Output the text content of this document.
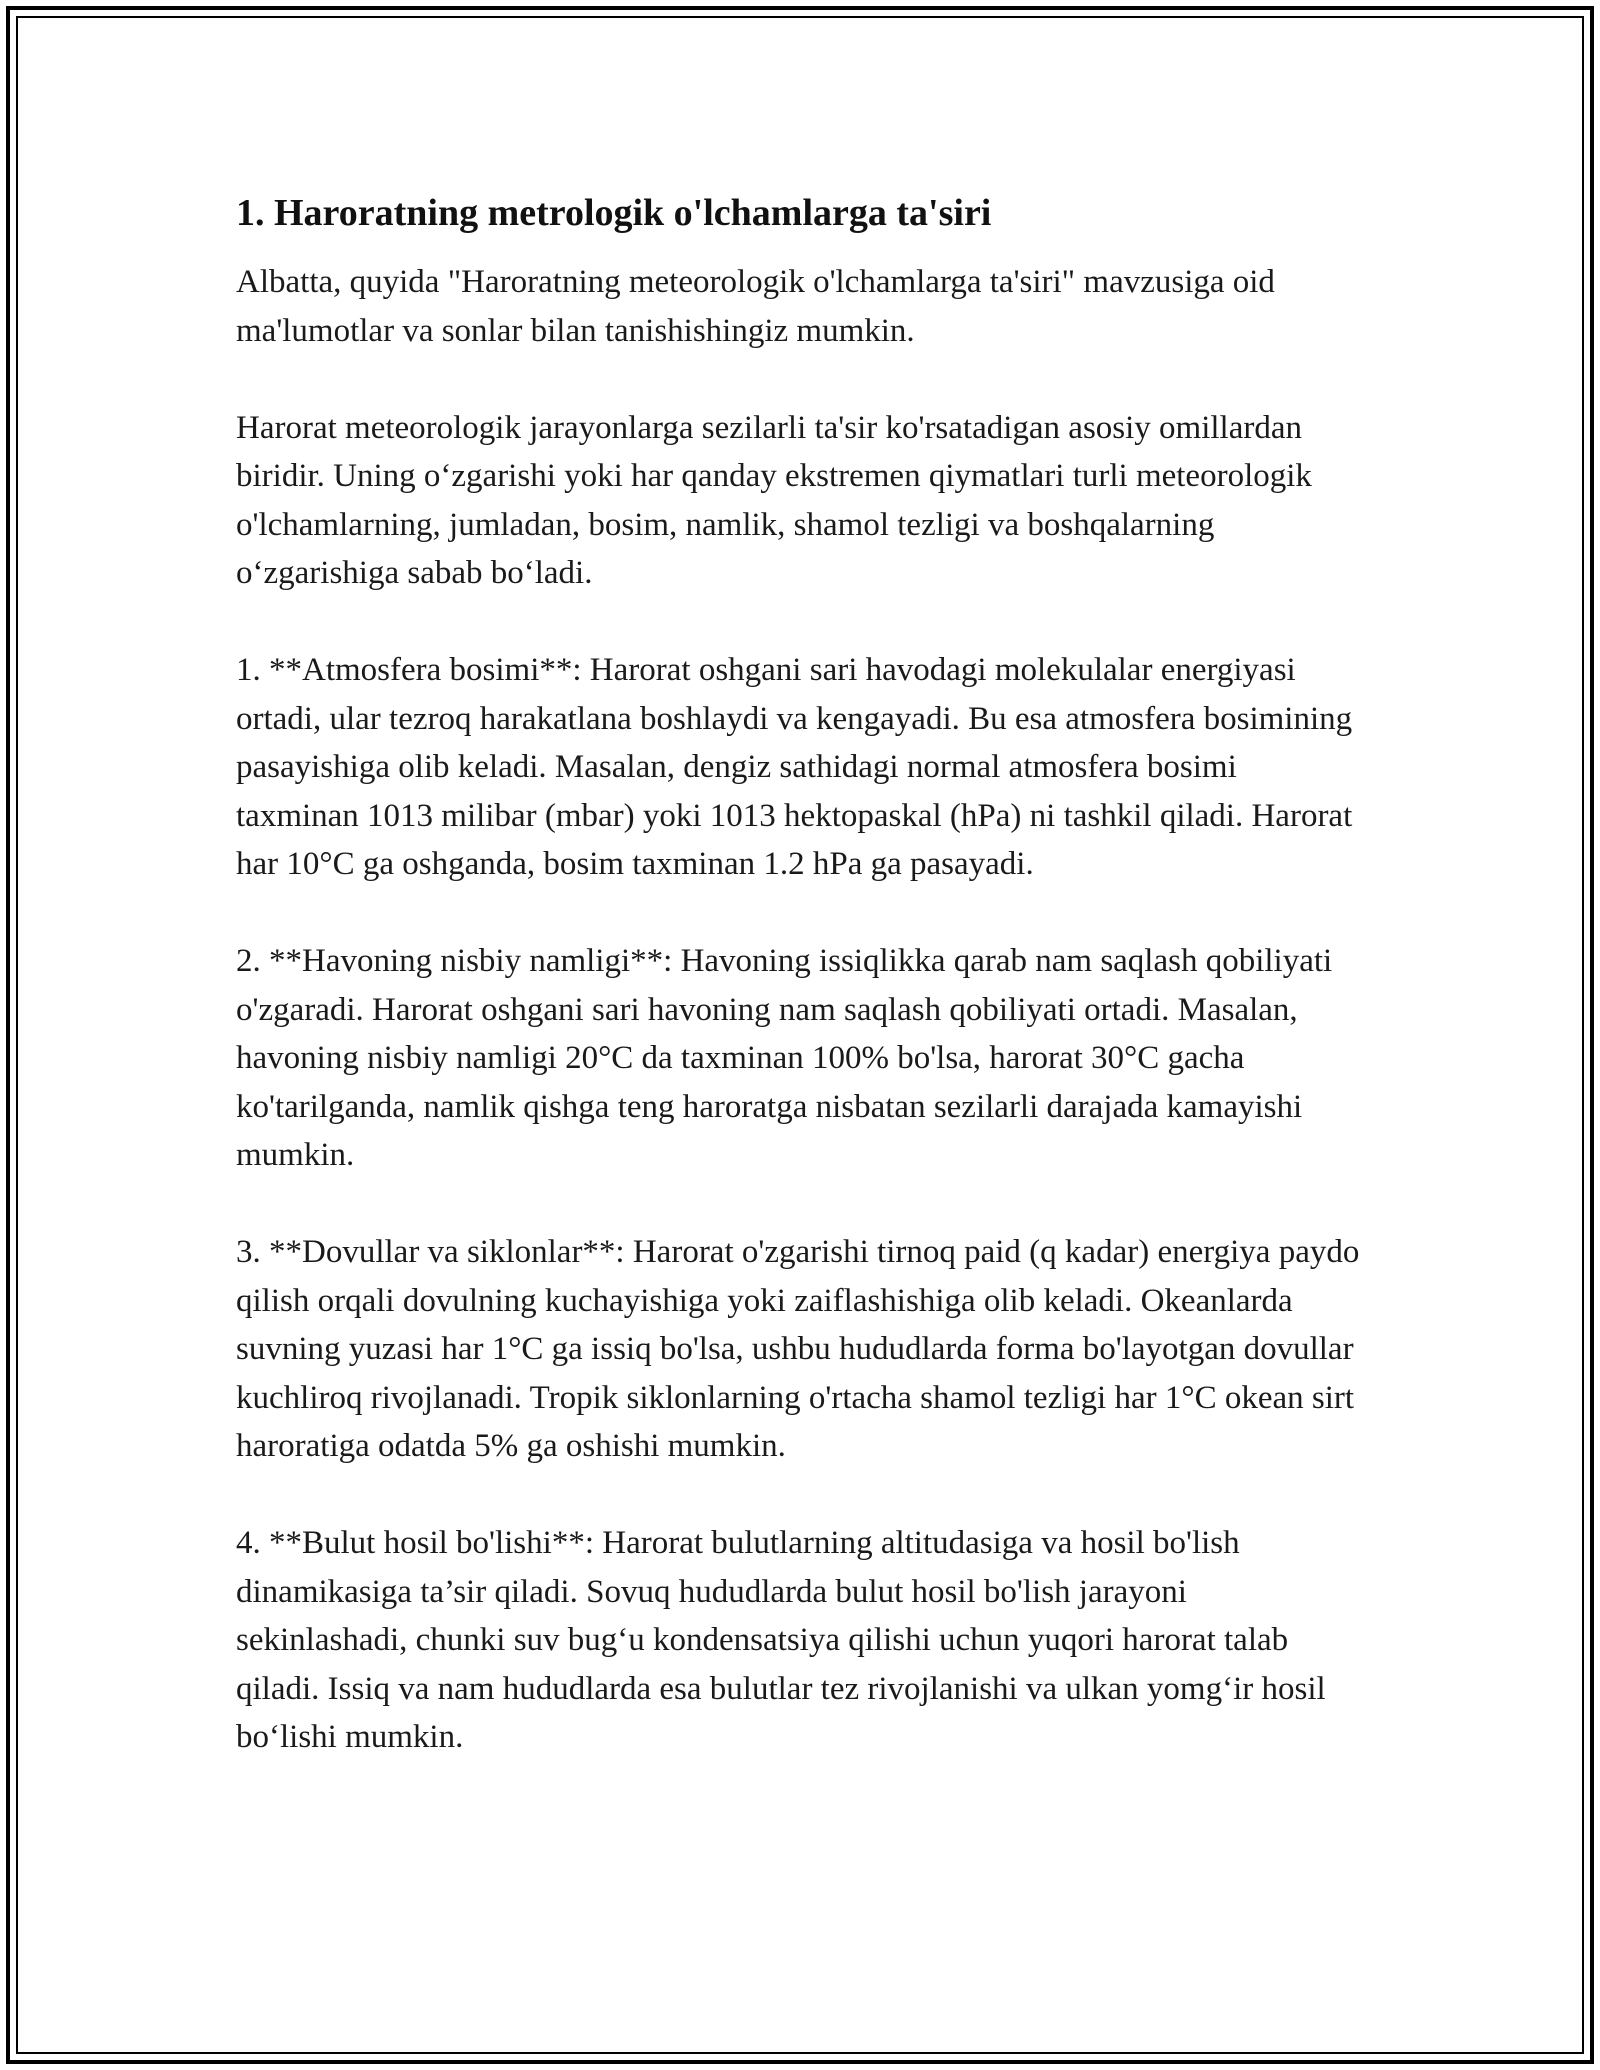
1. Haroratning metrologik o'lchamlarga ta'siri

Albatta, quyida "Haroratning meteorologik o'lchamlarga ta'siri" mavzusiga oid ma'lumotlar va sonlar bilan tanishishingiz mumkin.

Harorat meteorologik jarayonlarga sezilarli ta'sir ko'rsatadigan asosiy omillardan biridir. Uning o‘zgarishi yoki har qanday ekstremen qiymatlari turli meteorologik o'lchamlarning, jumladan, bosim, namlik, shamol tezligi va boshqalarning o‘zgarishiga sabab bo‘ladi.

1. **Atmosfera bosimi**: Harorat oshgani sari havodagi molekulalar energiyasi ortadi, ular tezroq harakatlana boshlaydi va kengayadi. Bu esa atmosfera bosimining pasayishiga olib keladi. Masalan, dengiz sathidagi normal atmosfera bosimi taxminan 1013 milibar (mbar) yoki 1013 hektopaskal (hPa) ni tashkil qiladi. Harorat har 10°C ga oshganda, bosim taxminan 1.2 hPa ga pasayadi.

2. **Havoning nisbiy namligi**: Havoning issiqlikka qarab nam saqlash qobiliyati o'zgaradi. Harorat oshgani sari havoning nam saqlash qobiliyati ortadi. Masalan, havoning nisbiy namligi 20°C da taxminan 100% bo'lsa, harorat 30°C gacha ko'tarilganda, namlik qishga teng haroratga nisbatan sezilarli darajada kamayishi mumkin.

3. **Dovullar va siklonlar**: Harorat o'zgarishi tirnoq paid (q kadar) energiya paydo qilish orqali dovulning kuchayishiga yoki zaiflashishiga olib keladi. Okeanlarda suvning yuzasi har 1°C ga issiq bo'lsa, ushbu hududlarda forma bo'layotgan dovullar kuchliroq rivojlanadi. Tropik siklonlarning o'rtacha shamol tezligi har 1°C okean sirt haroratiga odatda 5% ga oshishi mumkin.

4. **Bulut hosil bo'lishi**: Harorat bulutlarning altitudasiga va hosil bo'lish dinamikasiga ta’sir qiladi. Sovuq hududlarda bulut hosil bo'lish jarayoni sekinlashadi, chunki suv bug‘u kondensatsiya qilishi uchun yuqori harorat talab qiladi. Issiq va nam hududlarda esa bulutlar tez rivojlanishi va ulkan yomg‘ir hosil bo‘lishi mumkin.
